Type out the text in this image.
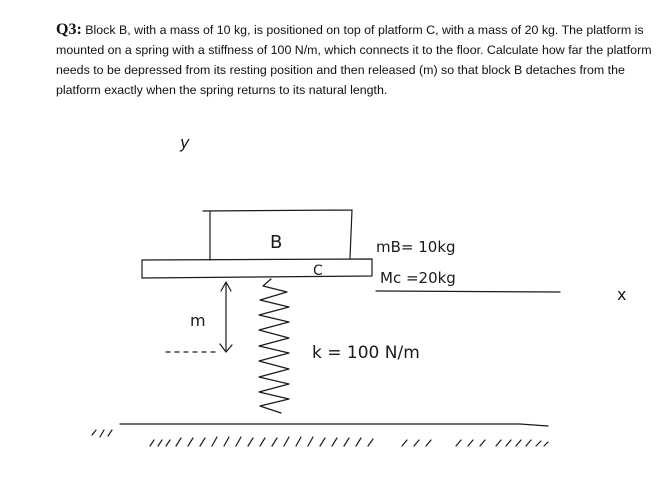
Q3: Block B, with a mass of 10 kg, is positioned on top of platform C, with a mass of 20 kg. The platform is mounted on a spring with a stiffness of 100 N/m, which connects it to the floor. Calculate how far the platform needs to be depressed from its resting position and then released (m) so that block B detaches from the platform exactly when the spring returns to its natural length.
y
B
C
mB= 10kg
Mc =20kg
x
m
k = 100 N/m
